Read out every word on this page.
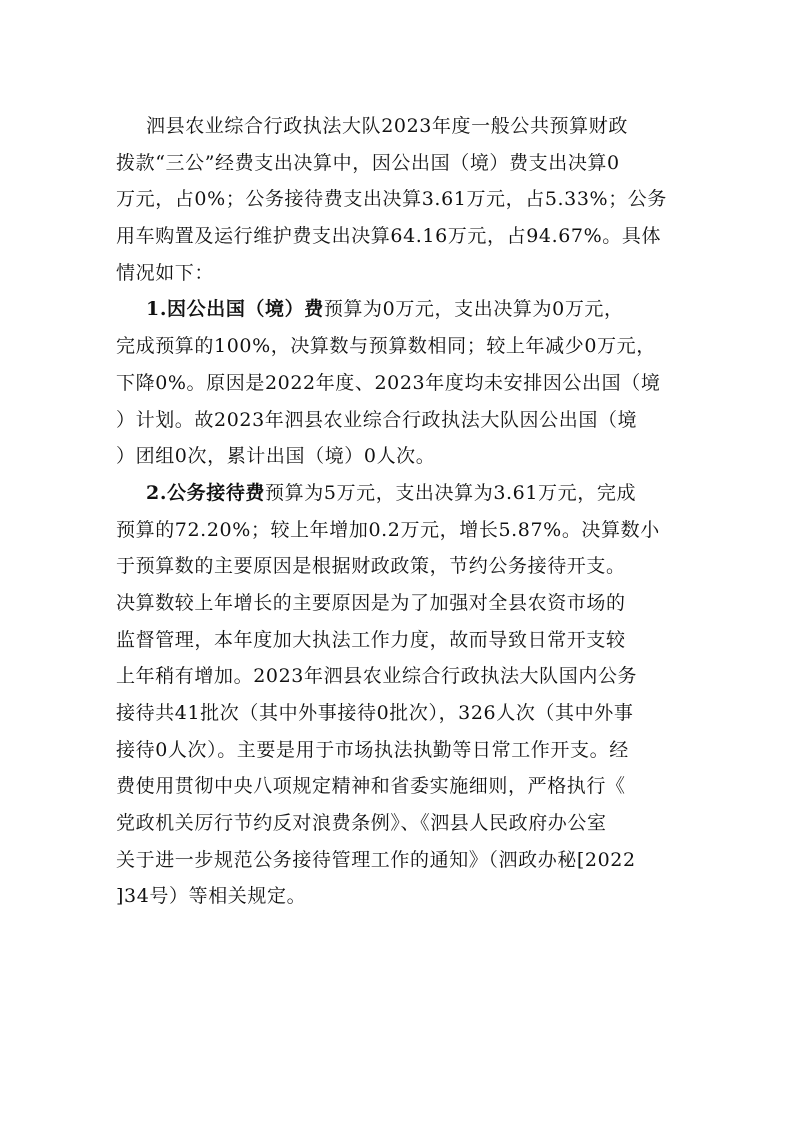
泗县农业综合行政执法大队2023年度一般公共预算财政
拨款“三公”经费支出决算中，因公出国（境）费支出决算0
万元，占0%；公务接待费支出决算3.61万元，占5.33%；公务
用车购置及运行维护费支出决算64.16万元，占94.67%。具体
情况如下：
1.因公出国（境）费预算为0万元，支出决算为0万元，
完成预算的100%，决算数与预算数相同；较上年减少0万元，
下降0%。原因是2022年度、2023年度均未安排因公出国（境
）计划。故2023年泗县农业综合行政执法大队因公出国（境
）团组0次，累计出国（境）0人次。
2.公务接待费预算为5万元，支出决算为3.61万元，完成
预算的72.20%；较上年增加0.2万元，增长5.87%。决算数小
于预算数的主要原因是根据财政政策，节约公务接待开支。
决算数较上年增长的主要原因是为了加强对全县农资市场的
监督管理，本年度加大执法工作力度，故而导致日常开支较
上年稍有增加。2023年泗县农业综合行政执法大队国内公务
接待共41批次（其中外事接待0批次），326人次（其中外事
接待0人次）。主要是用于市场执法执勤等日常工作开支。经
费使用贯彻中央八项规定精神和省委实施细则，严格执行《
党政机关厉行节约反对浪费条例》、《泗县人民政府办公室
关于进一步规范公务接待管理工作的通知》（泗政办秘[2022
]34号）等相关规定。
